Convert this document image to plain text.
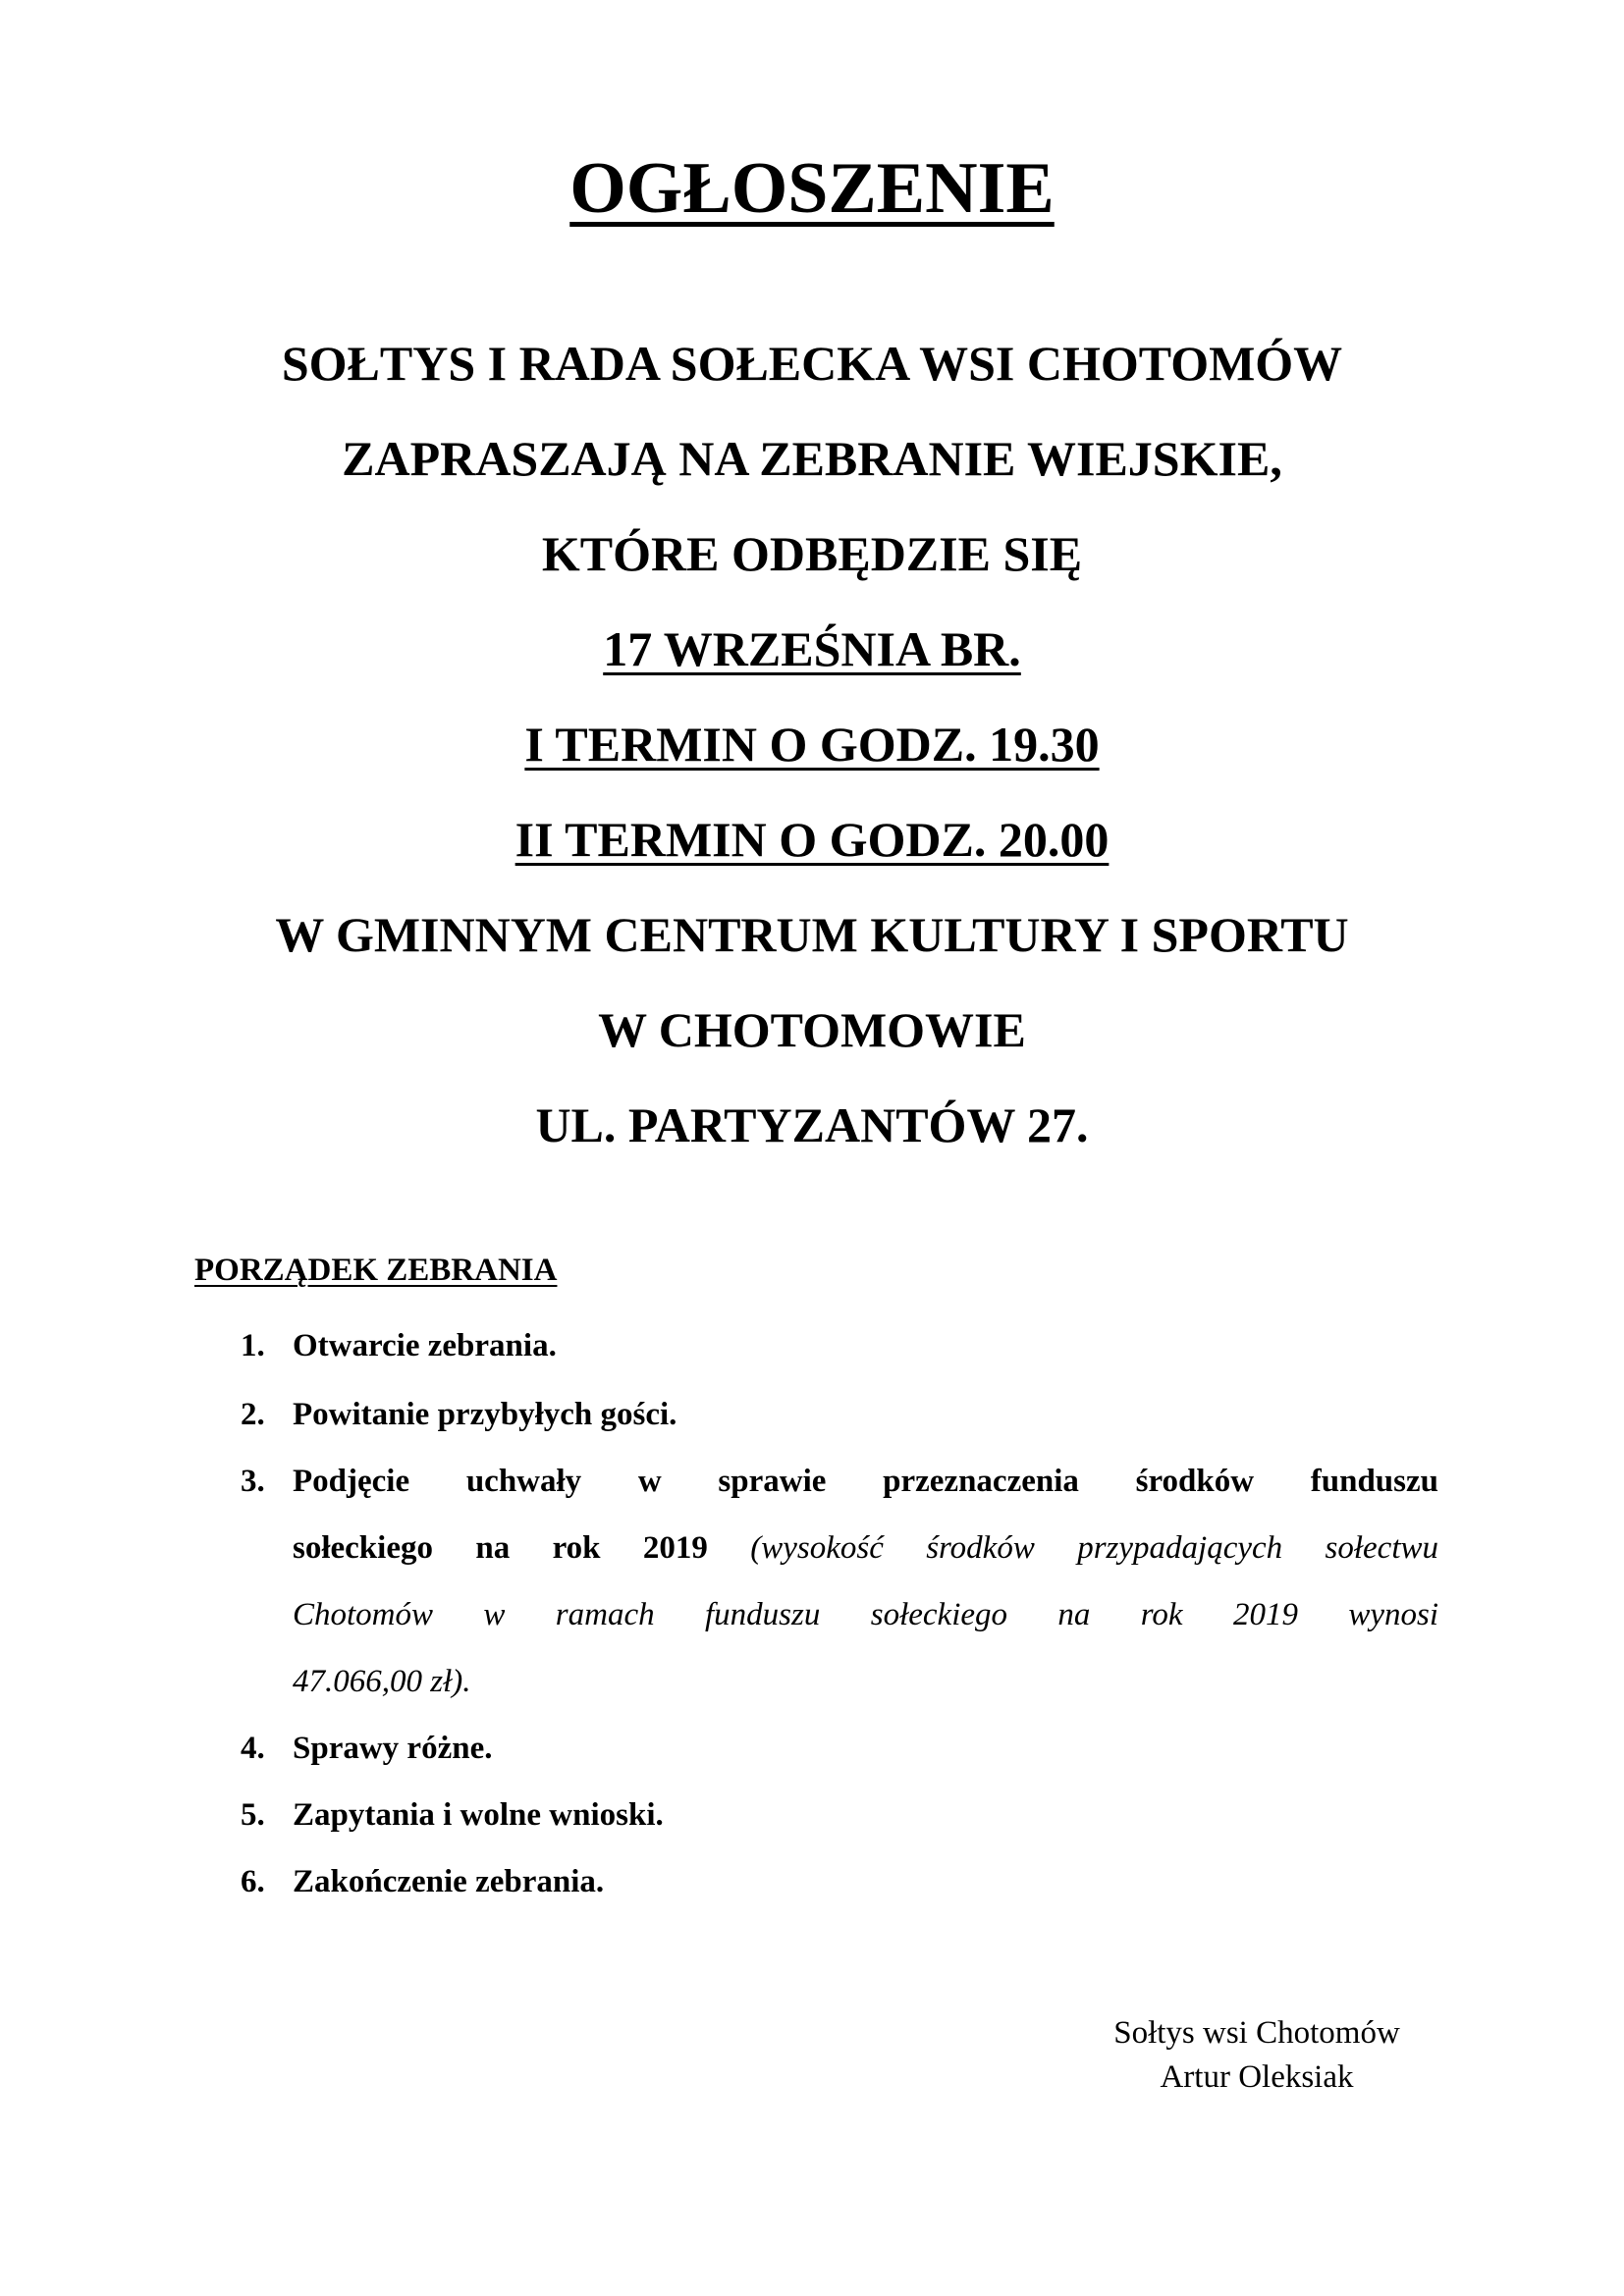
OGŁOSZENIE
SOŁTYS I RADA SOŁECKA WSI CHOTOMÓW
ZAPRASZAJĄ NA ZEBRANIE WIEJSKIE,
KTÓRE ODBĘDZIE SIĘ
17 WRZEŚNIA BR.
I TERMIN O GODZ. 19.30
II TERMIN O GODZ. 20.00
W GMINNYM CENTRUM KULTURY I SPORTU
W CHOTOMOWIE
UL. PARTYZANTÓW 27.
PORZĄDEK ZEBRANIA
1. Otwarcie zebrania.
2. Powitanie przybyłych gości.
3. Podjęcie uchwały w sprawie przeznaczenia środków funduszu
sołeckiego na rok 2019 (wysokość środków przypadających sołectwu
Chotomów w ramach funduszu sołeckiego na rok 2019 wynosi
47.066,00 zł).
4. Sprawy różne.
5. Zapytania i wolne wnioski.
6. Zakończenie zebrania.
Sołtys wsi Chotomów
Artur Oleksiak
